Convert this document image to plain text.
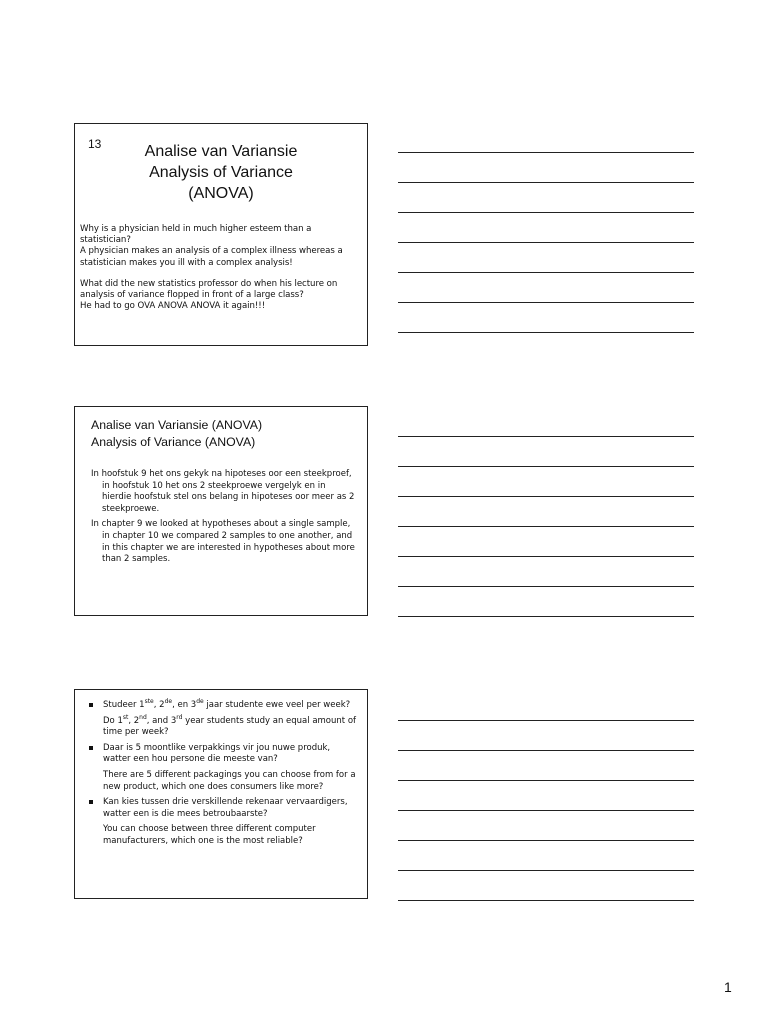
13	Analise van Variansie
Analysis of Variance
(ANOVA)

Why is a physician held in much higher esteem than a
statistician?
A physician makes an analysis of a complex illness whereas a
statistician makes you ill with a complex analysis!

What did the new statistics professor do when his lecture on
analysis of variance flopped in front of a large class?
He had to go OVA ANOVA ANOVA it again!!!

Analise van Variansie (ANOVA)
Analysis of Variance (ANOVA)

In hoofstuk 9 het ons gekyk na hipoteses oor een steekproef, in hoofstuk 10 het ons 2 steekproewe vergelyk en in hierdie hoofstuk stel ons belang in hipoteses oor meer as 2 steekproewe.

In chapter 9 we looked at hypotheses about a single sample, in chapter 10 we compared 2 samples to one another, and in this chapter we are interested in hypotheses about more than 2 samples.

Studeer 1ste, 2de, en 3de jaar studente ewe veel per week?

Do 1st, 2nd, and 3rd year students study an equal amount of time per week?

Daar is 5 moontlike verpakkings vir jou nuwe produk, watter een hou persone die meeste van?

There are 5 different packagings you can choose from for a new product, which one does consumers like more?

Kan kies tussen drie verskillende rekenaar vervaardigers, watter een is die mees betroubaarste?

You can choose between three different computer manufacturers, which one is the most reliable?

1
